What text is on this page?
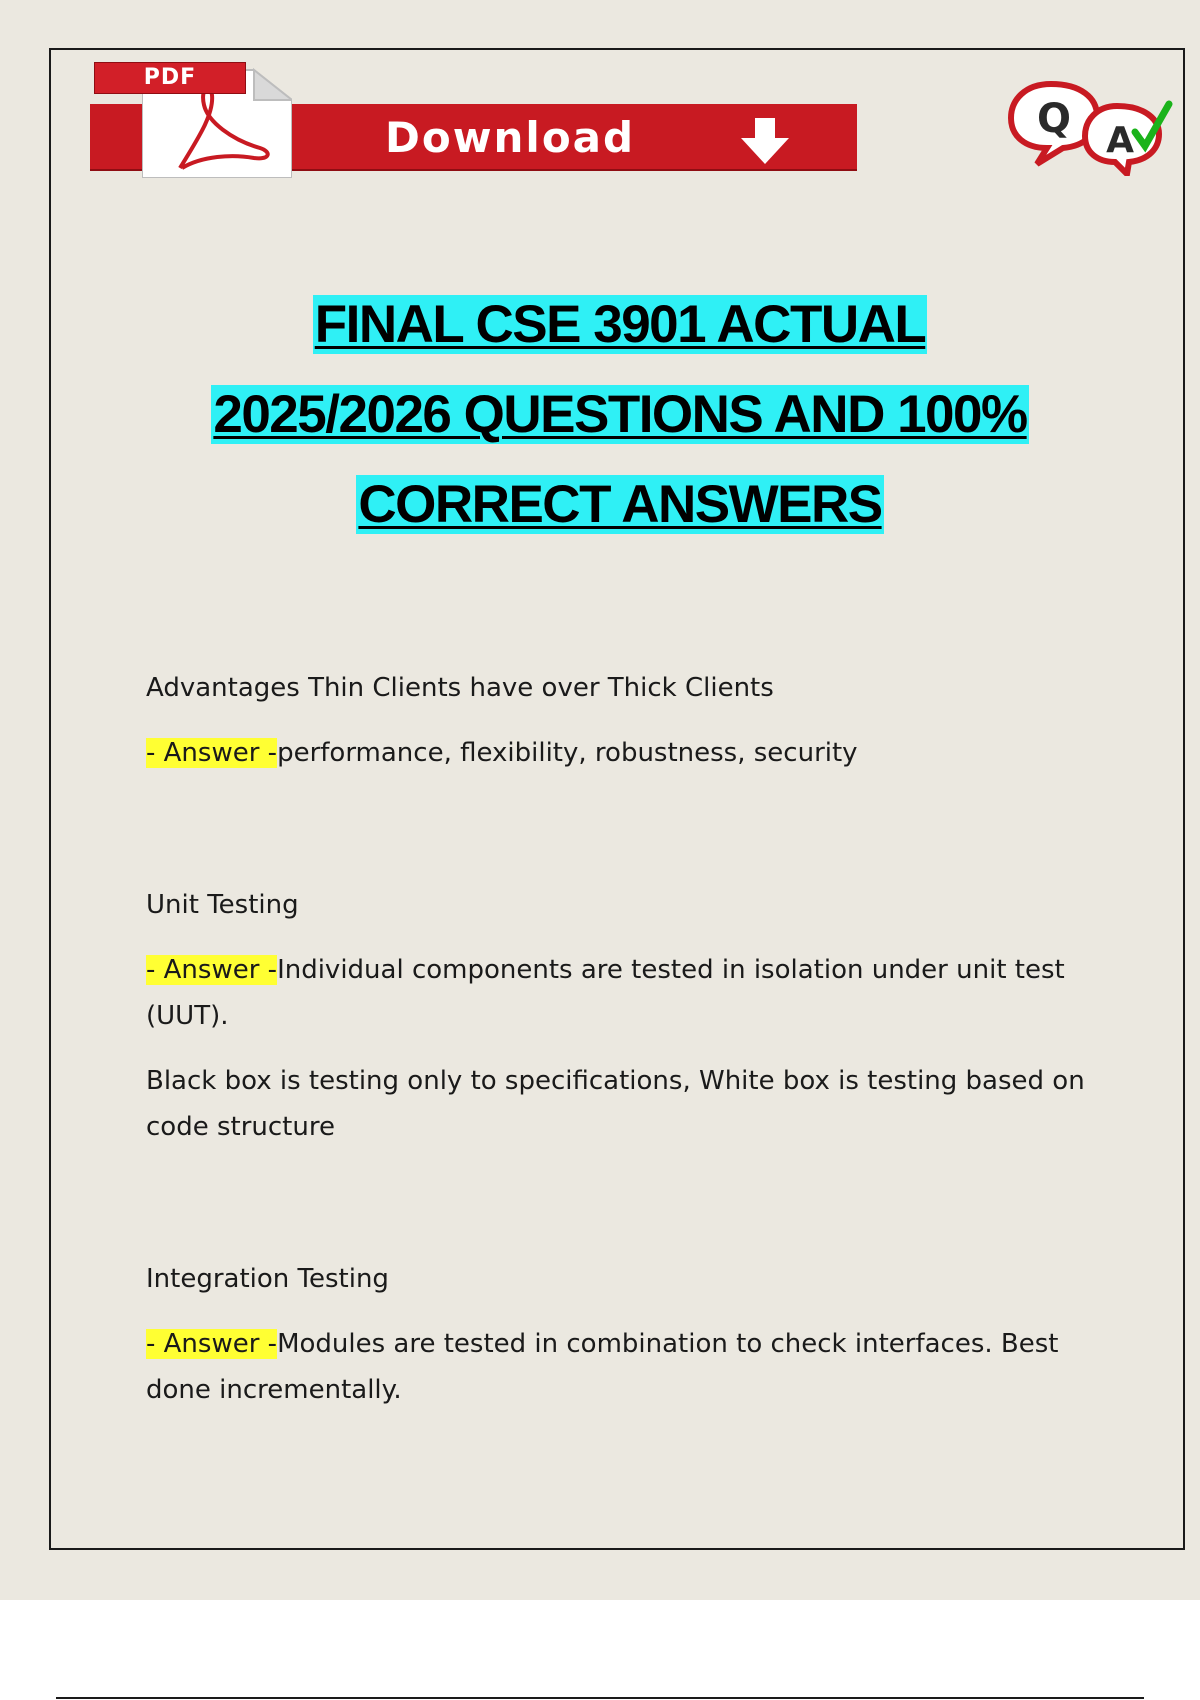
Download
PDF
Q A
FINAL CSE 3901 ACTUAL
2025/2026 QUESTIONS AND 100%
CORRECT ANSWERS

Advantages Thin Clients have over Thick Clients

- Answer -performance, flexibility, robustness, security

Unit Testing

- Answer -Individual components are tested in isolation under unit test (UUT).

Black box is testing only to specifications, White box is testing based on code structure

Integration Testing

- Answer -Modules are tested in combination to check interfaces. Best done incrementally.
